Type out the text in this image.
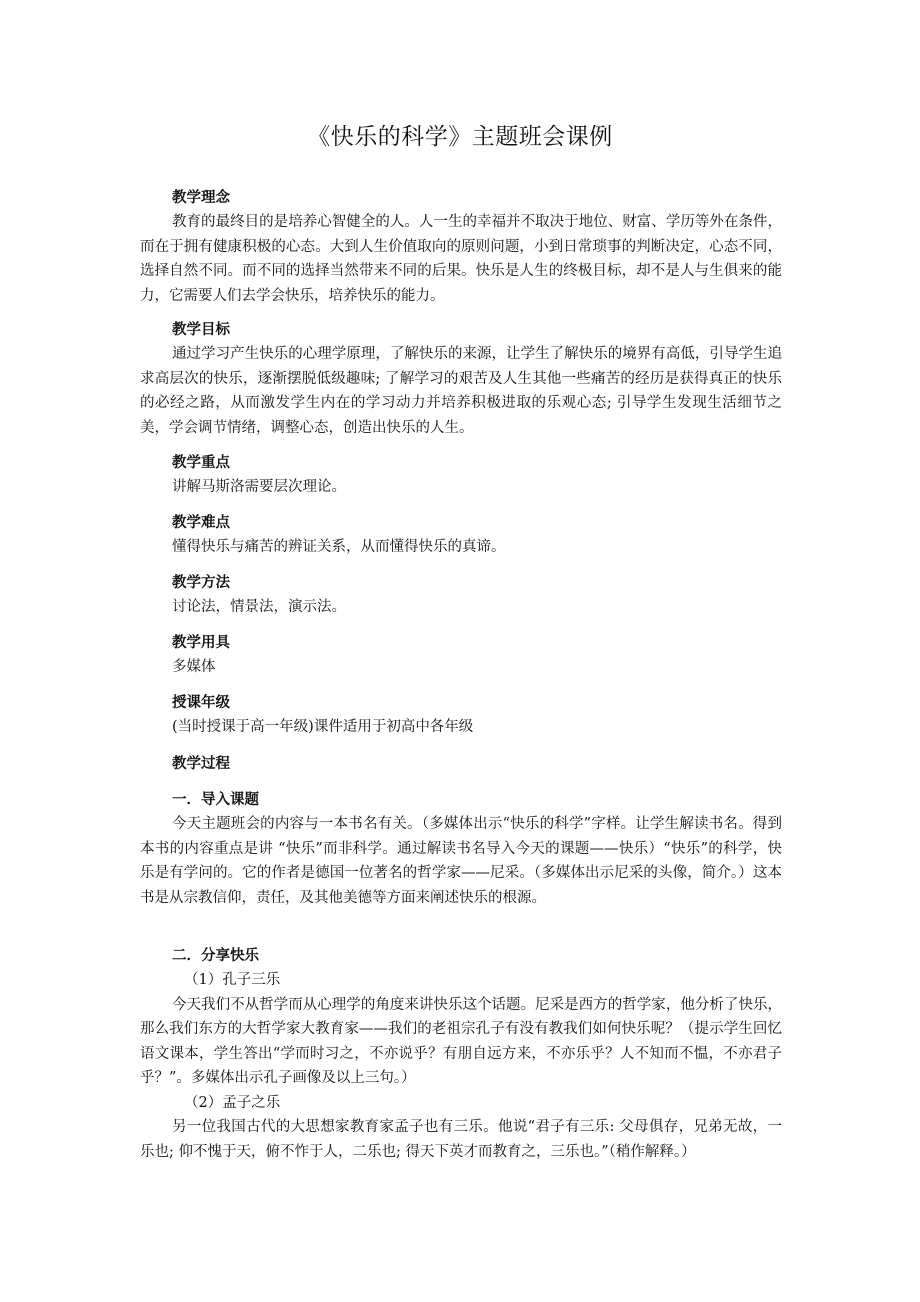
《快乐的科学》主题班会课例
教学理念

教育的最终目的是培养心智健全的人。人一生的幸福并不取决于地位、财富、学历等外在条件，而在于拥有健康积极的心态。大到人生价值取向的原则问题，小到日常琐事的判断决定，心态不同，选择自然不同。而不同的选择当然带来不同的后果。快乐是人生的终极目标，却不是人与生俱来的能力，它需要人们去学会快乐，培养快乐的能力。

教学目标

通过学习产生快乐的心理学原理，了解快乐的来源，让学生了解快乐的境界有高低，引导学生追求高层次的快乐，逐渐摆脱低级趣味; 了解学习的艰苦及人生其他一些痛苦的经历是获得真正的快乐的必经之路，从而激发学生内在的学习动力并培养积极进取的乐观心态; 引导学生发现生活细节之美，学会调节情绪，调整心态，创造出快乐的人生。

教学重点

讲解马斯洛需要层次理论。

教学难点

懂得快乐与痛苦的辨证关系，从而懂得快乐的真谛。

教学方法

讨论法，情景法，演示法。

教学用具

多媒体

授课年级

(当时授课于高一年级)课件适用于初高中各年级

教学过程
一．导入课题

今天主题班会的内容与一本书名有关。（多媒体出示“快乐的科学”字样。让学生解读书名。得到本书的内容重点是讲 “快乐”而非科学。通过解读书名导入今天的课题——快乐）“快乐”的科学，快乐是有学问的。它的作者是德国一位著名的哲学家——尼采。（多媒体出示尼采的头像，简介。）这本书是从宗教信仰，责任，及其他美德等方面来阐述快乐的根源。

二．分享快乐
（1）孔子三乐

今天我们不从哲学而从心理学的角度来讲快乐这个话题。尼采是西方的哲学家，他分析了快乐，那么我们东方的大哲学家大教育家——我们的老祖宗孔子有没有教我们如何快乐呢？（提示学生回忆语文课本，学生答出“学而时习之，不亦说乎？有朋自远方来，不亦乐乎？人不知而不愠，不亦君子乎？”。多媒体出示孔子画像及以上三句。）

（2）孟子之乐

另一位我国古代的大思想家教育家孟子也有三乐。他说“君子有三乐: 父母俱存，兄弟无故，一乐也; 仰不愧于天，俯不怍于人，二乐也; 得天下英才而教育之，三乐也。”（稍作解释。）
